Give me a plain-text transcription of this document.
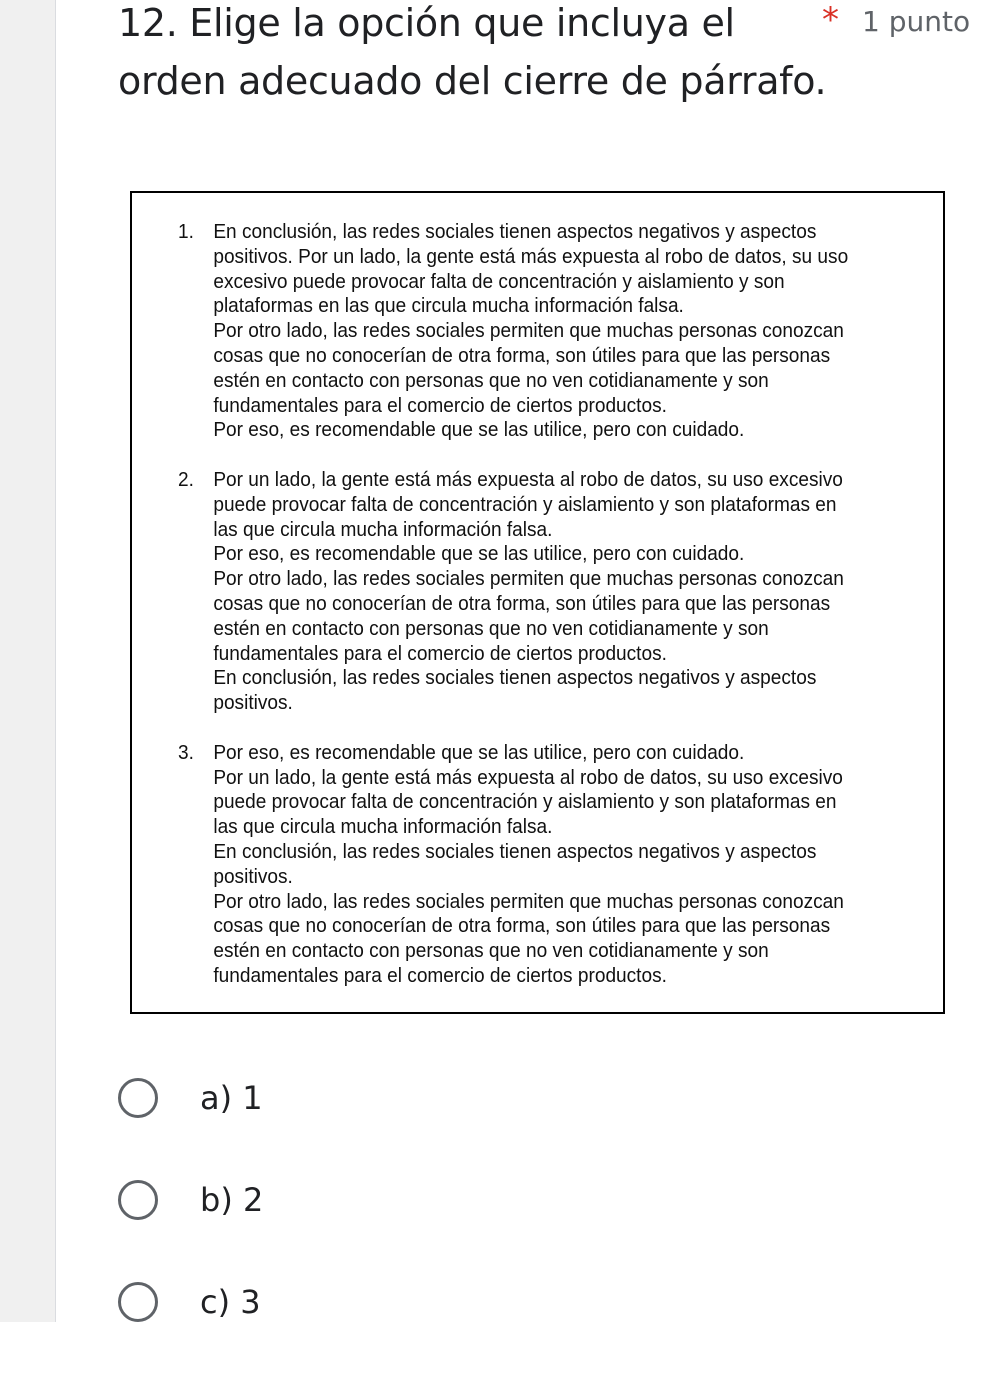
12. Elige la opción que incluya el orden adecuado del cierre de párrafo.
* 1 punto
1. En conclusión, las redes sociales tienen aspectos negativos y aspectos
positivos. Por un lado, la gente está más expuesta al robo de datos, su uso
excesivo puede provocar falta de concentración y aislamiento y son
plataformas en las que circula mucha información falsa.
Por otro lado, las redes sociales permiten que muchas personas conozcan
cosas que no conocerían de otra forma, son útiles para que las personas
estén en contacto con personas que no ven cotidianamente y son
fundamentales para el comercio de ciertos productos.
Por eso, es recomendable que se las utilice, pero con cuidado.
2. Por un lado, la gente está más expuesta al robo de datos, su uso excesivo
puede provocar falta de concentración y aislamiento y son plataformas en
las que circula mucha información falsa.
Por eso, es recomendable que se las utilice, pero con cuidado.
Por otro lado, las redes sociales permiten que muchas personas conozcan
cosas que no conocerían de otra forma, son útiles para que las personas
estén en contacto con personas que no ven cotidianamente y son
fundamentales para el comercio de ciertos productos.
En conclusión, las redes sociales tienen aspectos negativos y aspectos
positivos.
3. Por eso, es recomendable que se las utilice, pero con cuidado.
Por un lado, la gente está más expuesta al robo de datos, su uso excesivo
puede provocar falta de concentración y aislamiento y son plataformas en
las que circula mucha información falsa.
En conclusión, las redes sociales tienen aspectos negativos y aspectos
positivos.
Por otro lado, las redes sociales permiten que muchas personas conozcan
cosas que no conocerían de otra forma, son útiles para que las personas
estén en contacto con personas que no ven cotidianamente y son
fundamentales para el comercio de ciertos productos.
a) 1
b) 2
c) 3
